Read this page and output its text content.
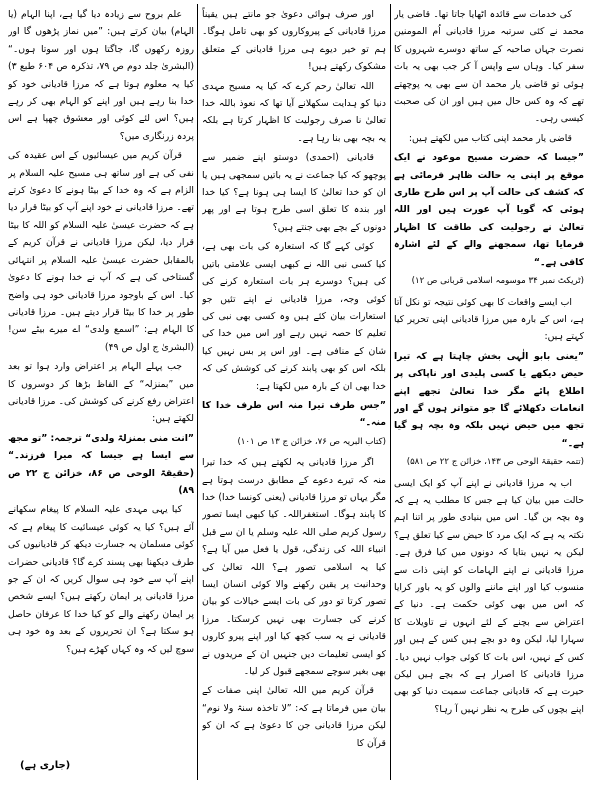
کی خدمات سے قائدہ اٹھایا جاتا تھا۔ قاضی یار محمد نے کئی سرتبہ مرزا قادیانی اُم المومنین نصرت جہاں صاحبہ کے ساتھ دوسرے شہروں کا سفر کیا۔ وہاں سے واپس آ کر جب بھی یہ بات ہوئی تو قاضی یار محمد ان سے بھی یہ پوچھتے تھے کہ وہ کس حال میں ہیں اور ان کی صحبت کیسی رہی۔

قاضی یار محمد اپنی کتاب میں لکھتے ہیں:

”جیسا کہ حضرت مسیح موعود نے ایک موقع پر اپنی یہ حالت ظاہر فرمائی ہے کہ کشف کی حالت آپ پر اس طرح طاری ہوئی کہ گویا آپ عورت ہیں اور اللہ تعالیٰ نے رجولیت کی طاقت کا اظہار فرمایا تھا، سمجھنے والے کے لئے اشارہ کافی ہے۔“

(ٹریکٹ نمبر ۳۴ موسومہ اسلامی قربانی ص ۱۲)

اب ایسے واقعات کا بھی کوئی نتیجہ تو نکل آتا ہے، اس کے بارہ میں مرزا قادیانی اپنی تحریر کیا کہتے ہیں:

”یعنی بابو الٰہی بخش چاہتا ہے کہ تیرا حیض دیکھے یا کسی پلیدی اور ناپاکی پر اطلاع پائے مگر خدا تعالیٰ تجھے اپنے انعامات دکھلائے گا جو متواتر ہوں گے اور تجھ میں حیض نہیں بلکہ وہ بچہ ہو گیا ہے۔“

(تتمہ حقیقۃ الوحی ص ۱۴۳، خزائن ج ۲۲ ص ۵۸۱)

اب یہ مرزا قادیانی نے اپنے آپ کو ایک ایسی حالت میں بیان کیا ہے جس کا مطلب یہ ہے کہ وہ بچہ بن گیا۔ اس میں بنیادی طور پر اتنا اہم نکتہ یہ ہے کہ ایک مرد کا حیض سے کیا تعلق ہے؟ لیکن یہ نہیں بتایا کہ دونوں میں کیا فرق ہے۔ مرزا قادیانی نے اپنے الہامات کو اپنی ذات سے منسوب کیا اور اپنے ماننے والوں کو یہ باور کرایا کہ اس میں بھی کوئی حکمت ہے۔ دنیا کے اعتراض سے بچنے کے لئے انہوں نے تاویلات کا سہارا لیا، لیکن وہ دو بچے ہیں کس کے ہیں اور کس کے نہیں، اس بات کا کوئی جواب نہیں دیا۔ مرزا قادیانی کا اصرار ہے کہ بچے ہیں لیکن حیرت ہے کہ قادیانی جماعت سمیت دنیا کو بھی اپنے بچوں کی طرح یہ نظر نہیں آ رہا؟

اور صرف ہوائی دعویٰ جو مانتے ہیں یقیناً مرزا قادیانی کے پیروکاروں کو بھی تامل ہوگا۔ ہم تو خیر دیوے ہی مرزا قادیانی کے متعلق مشکوک رکھتے ہیں!

اللہ تعالیٰ رحم کرے کہ کیا یہ مسیح مہدی دنیا کو ہدایت سکھلانے آیا تھا کہ نعوذ باللہ خدا تعالیٰ نا صرف رجولیت کا اظہار کرتا ہے بلکہ یہ بچہ بھی بنا رہا ہے۔

قادیانی (احمدی) دوستو اپنے ضمیر سے پوچھو کہ کیا جماعت نے یہ باتیں سمجھی ہیں یا ان کو خدا تعالیٰ کا ایسا ہی ہونا ہے؟ کیا خدا اور بندہ کا تعلق اسی طرح ہوتا ہے اور پھر دونوں کے بچے بھی جنتے ہیں؟

کوئی کہے گا کہ استعارہ کی بات بھی ہے، کیا کسی نبی اللہ نے کبھی ایسی علامتی باتیں کی ہیں؟ دوسرے ہر بات استعارہ کرنے کی کوئی وجہ، مرزا قادیانی نے اپنے تئیں جو استعارات بیان کئے ہیں وہ کسی بھی نبی کی تعلیم کا حصہ نہیں رہے اور اس میں خدا کی شان کے منافی ہے۔ اور اس پر بس نہیں کیا بلکہ اس کو بھی پابند کرنے کی کوشش کی کہ خدا بھی ان کے بارہ میں لکھتا ہے:

”جس طرف تیرا منہ اس طرف خدا کا منہ۔“

(کتاب البریہ ص ۷۶، خزائن ج ۱۳ ص ۱۰۱)

اگر مرزا قادیانی یہ لکھتے ہیں کہ خدا تیرا منہ کہ تیرے دعوے کے مطابق درست ہوتا ہے مگر یہاں تو مرزا قادیانی (یعنی کونسا خدا) خدا کا پابند ہوگا۔ استغفراللہ۔ کیا کبھی ایسا تصور رسول کریم صلی اللہ علیہ وسلم یا ان سے قبل انبیاء اللہ کی زندگی، قول یا فعل میں آیا ہے؟ کیا یہ اسلامی تصور ہے؟ اللہ تعالیٰ کی وحدانیت پر یقین رکھنے والا کوئی انسان ایسا تصور کرتا تو دور کی بات ایسے خیالات کو بیان کرنے کی جسارت بھی نہیں کرسکتا۔ مرزا قادیانی نے یہ سب کچھ کیا اور اپنے پیرو کاروں کو ایسی تعلیمات دیں جنہیں ان کے مریدوں نے بھی بغیر سوچے سمجھے قبول کر لیا۔

قرآن کریم میں اللہ تعالیٰ اپنی صفات کے بیان میں فرماتا ہے کہ: ”لا تاخذہ سنۃ ولا نوم“ لیکن مرزا قادیانی جن کا دعویٰ ہے کہ ان کو قرآن کا

علم بروح سے زیادہ دیا گیا ہے، اپنا الہام (یا الہام) بیان کرتے ہیں: ”میں نماز پڑھوں گا اور روزہ رکھوں گا، جاگتا ہوں اور سوتا ہوں۔“ (البشریٰ جلد دوم ص ۷۹، تذکرہ ص ۶۰۴ طبع ۳) کیا یہ معلوم ہوتا ہے کہ مرزا قادیانی خود کو خدا بنا رہے ہیں اور اپنے کو الہام بھی کر رہے ہیں؟ اس لئے کوئی اور معشوق چھپا ہے اس پردہ زرنگاری میں؟

قرآن کریم میں عیسائیوں کے اس عقیدہ کی نفی کی ہے اور ساتھ ہی مسیح علیہ السلام پر الزام ہے کہ وہ خدا کے بیٹا ہونے کا دعویٰ کرتے تھے۔ مرزا قادیانی نے خود اپنے آپ کو بیٹا قرار دیا ہے کہ حضرت عیسیٰ علیہ السلام کو اللہ کا بیٹا قرار دیا، لیکن مرزا قادیانی نے قرآن کریم کے بالمقابل حضرت عیسیٰ علیہ السلام پر انتہائی گستاخی کی ہے کہ آپ نے خدا ہونے کا دعویٰ کیا۔ اس کے باوجود مرزا قادیانی خود ہی واضح طور پر خدا کا بیٹا قرار دیتے ہیں۔ مرزا قادیانی کا الہام ہے: ”اسمع ولدی“ اے میرے بیٹے سن! (البشریٰ ج اول ص ۴۹)

جب پہلے الہام پر اعتراض وارد ہوا تو بعد میں ”بمنزلہ“ کے الفاظ بڑھا کر دوسروں کا اعتراض رفع کرنے کی کوشش کی۔ مرزا قادیانی لکھتے ہیں:

”انت منی بمنزلۃ ولدی“ ترجمہ: ”تو مجھ سے ایسا ہے جیسا کہ میرا فرزند۔“ (حقیقۃ الوحی ص ۸۶، خزائن ج ۲۲ ص ۸۹)

کیا یہی مہدی علیہ السلام کا پیغام سکھانے آئے ہیں؟ کیا یہ کوئی عیسائیت کا پیغام ہے کہ کوئی مسلمان یہ جسارت دیکھ کر قادیانیوں کی طرف دیکھنا بھی پسند کرے گا؟ قادیانی حضرات اپنے آپ سے خود ہی سوال کریں کہ ان کے جو مرزا قادیانی پر ایمان رکھتے ہیں؟ ایسے شخص پر ایمان رکھنے والے کو کیا خدا کا عرفان حاصل ہو سکتا ہے؟ ان تحریروں کے بعد وہ خود ہی سوچ لیں کہ وہ کہاں کھڑے ہیں؟

(جاری ہے)
